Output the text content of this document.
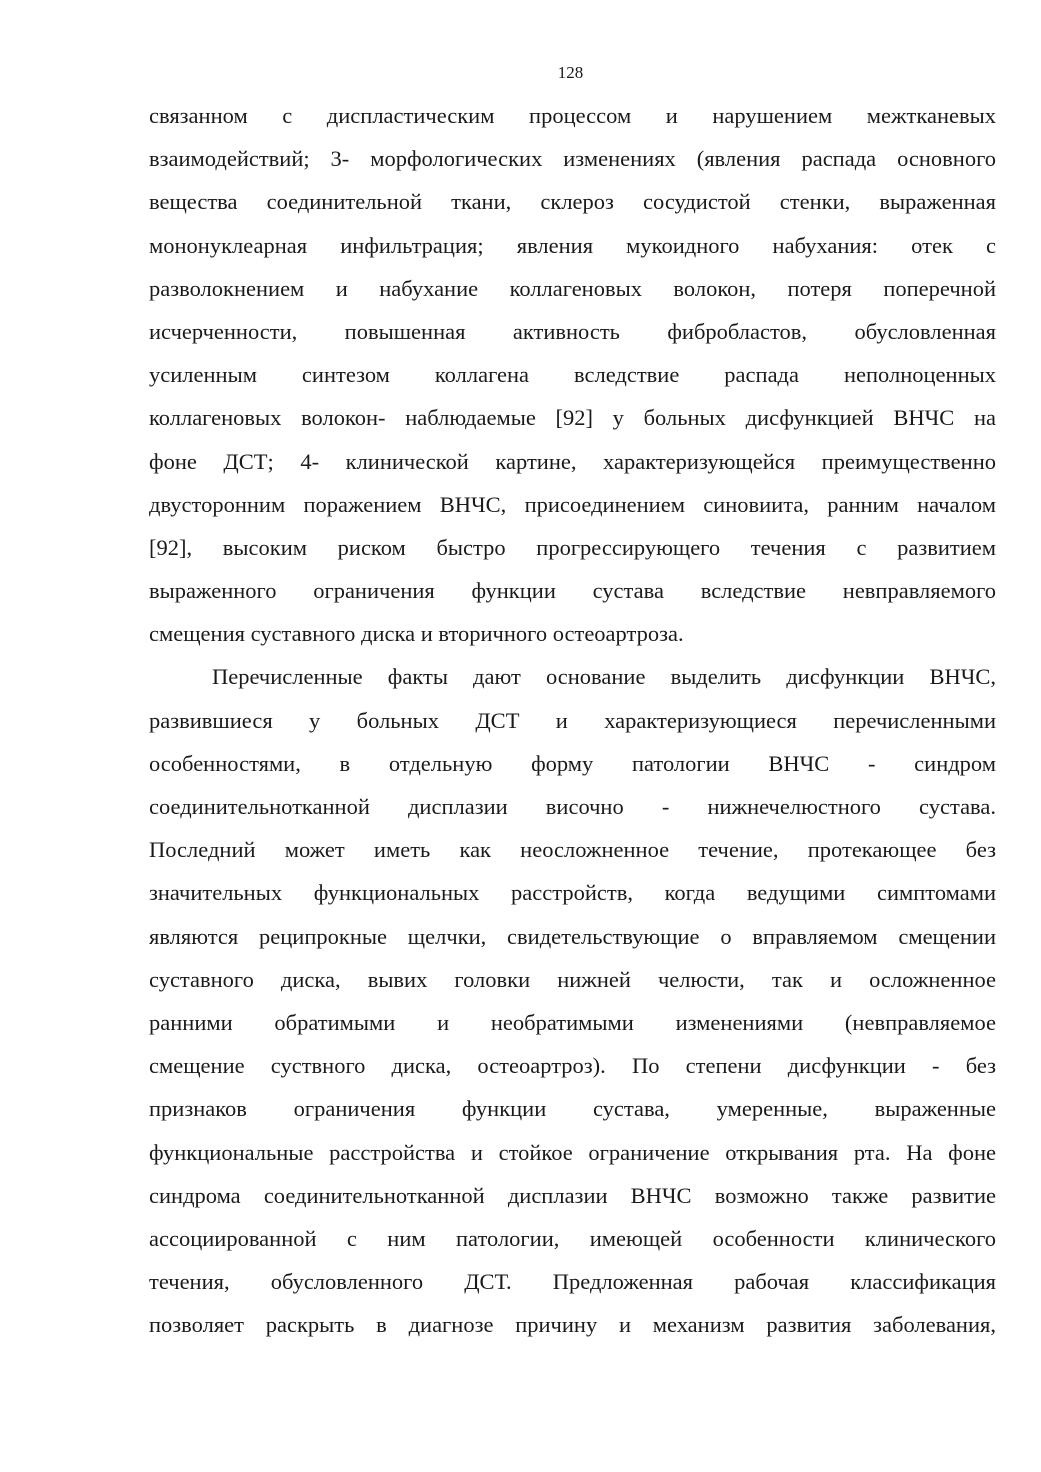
128
связанном с диспластическим процессом и нарушением межтканевых
взаимодействий; 3- морфологических изменениях (явления распада основного
вещества соединительной ткани, склероз сосудистой стенки, выраженная
мононуклеарная инфильтрация; явления мукоидного набухания: отек с
разволокнением и набухание коллагеновых волокон, потеря поперечной
исчерченности, повышенная активность фибробластов, обусловленная
усиленным синтезом коллагена вследствие распада неполноценных
коллагеновых волокон- наблюдаемые [92] у больных дисфункцией ВНЧС на
фоне ДСТ; 4- клинической картине, характеризующейся преимущественно
двусторонним поражением ВНЧС, присоединением синовиита, ранним началом
[92], высоким риском быстро прогрессирующего течения с развитием
выраженного ограничения функции сустава вследствие невправляемого
смещения суставного диска и вторичного остеоартроза.
Перечисленные факты дают основание выделить дисфункции ВНЧС,
развившиеся у больных ДСТ и характеризующиеся перечисленными
особенностями, в отдельную форму патологии ВНЧС - синдром
соединительнотканной дисплазии височно - нижнечелюстного сустава.
Последний может иметь как неосложненное течение, протекающее без
значительных функциональных расстройств, когда ведущими симптомами
являются реципрокные щелчки, свидетельствующие о вправляемом смещении
суставного диска, вывих головки нижней челюсти, так и осложненное
ранними обратимыми и необратимыми изменениями (невправляемое
смещение суствного диска, остеоартроз). По степени дисфункции - без
признаков ограничения функции сустава, умеренные, выраженные
функциональные расстройства и стойкое ограничение открывания рта. На фоне
синдрома соединительнотканной дисплазии ВНЧС возможно также развитие
ассоциированной с ним патологии, имеющей особенности клинического
течения, обусловленного ДСТ. Предложенная рабочая классификация
позволяет раскрыть в диагнозе причину и механизм развития заболевания,
